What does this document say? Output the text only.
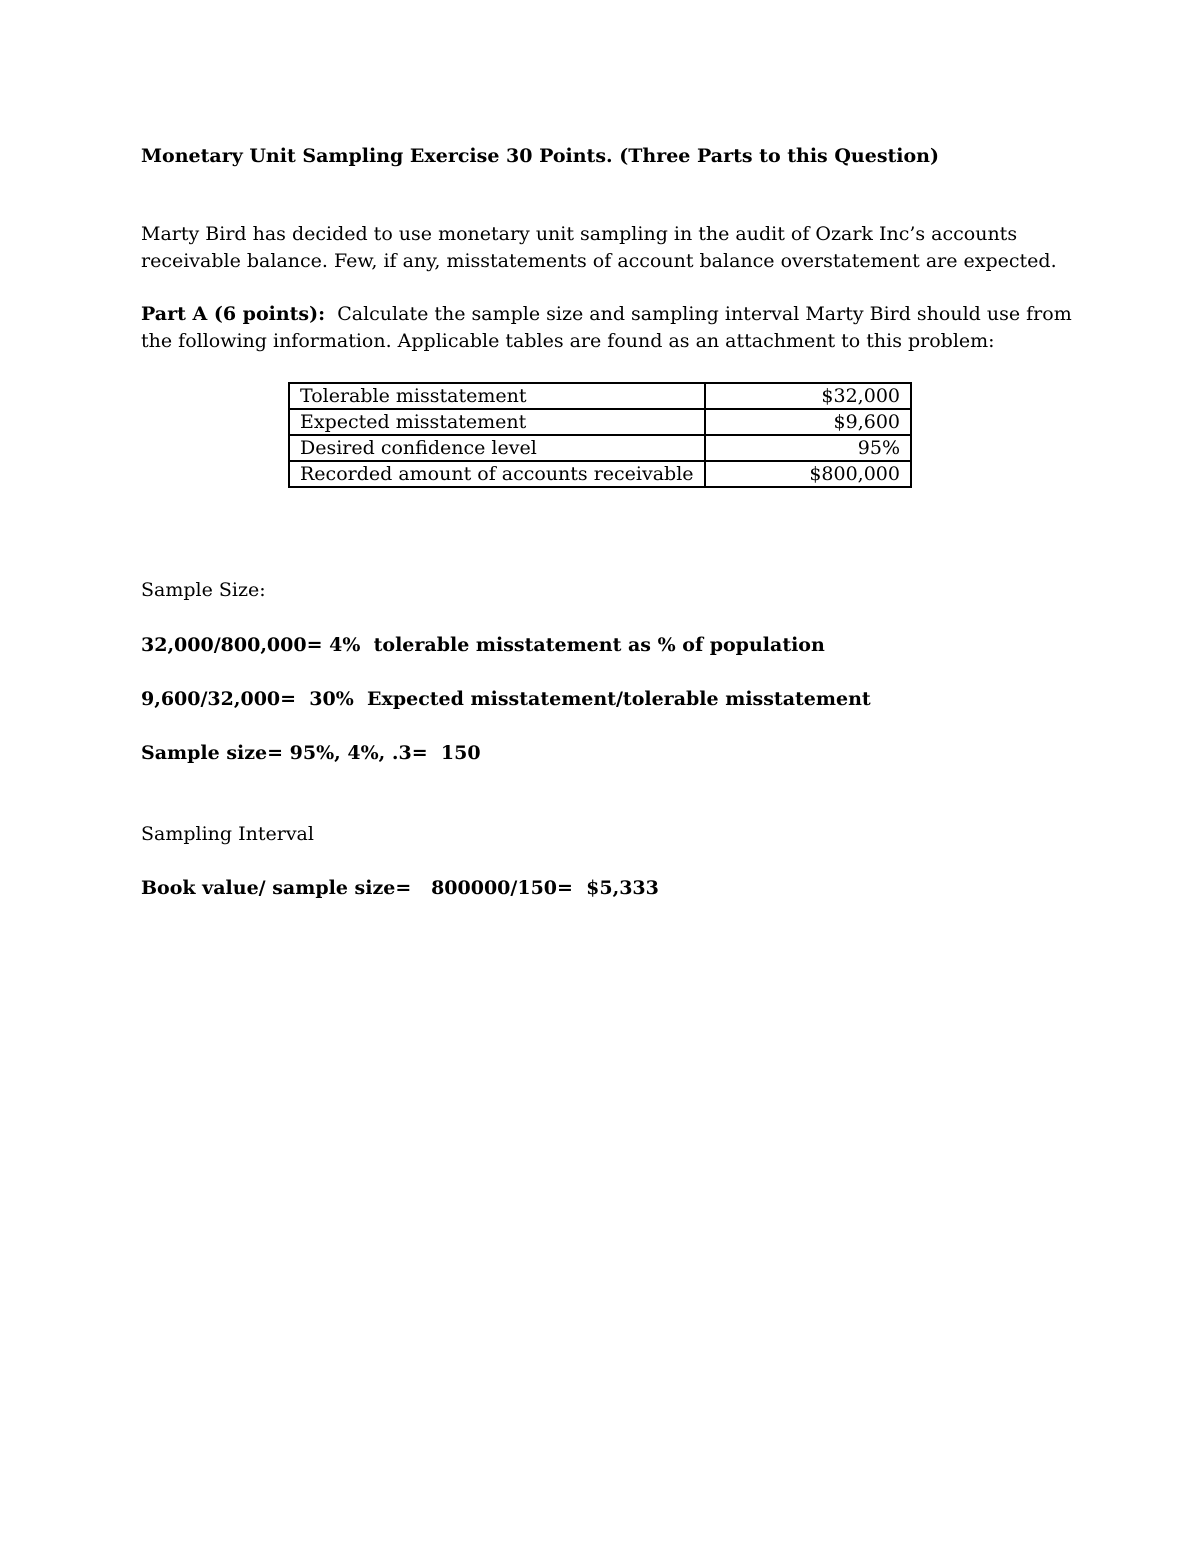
Monetary Unit Sampling Exercise 30 Points. (Three Parts to this Question)

Marty Bird has decided to use monetary unit sampling in the audit of Ozark Inc’s accounts
receivable balance. Few, if any, misstatements of account balance overstatement are expected.
Part A (6 points):  Calculate the sample size and sampling interval Marty Bird should use from
the following information. Applicable tables are found as an attachment to this problem:
Tolerable misstatement	$32,000
Expected misstatement	$9,600
Desired confidence level	95%
Recorded amount of accounts receivable	$800,000

Sample Size:

32,000/800,000= 4%  tolerable misstatement as % of population

9,600/32,000=  30%  Expected misstatement/tolerable misstatement

Sample size= 95%, 4%, .3=  150

Sampling Interval

Book value/ sample size=   800000/150=  $5,333
